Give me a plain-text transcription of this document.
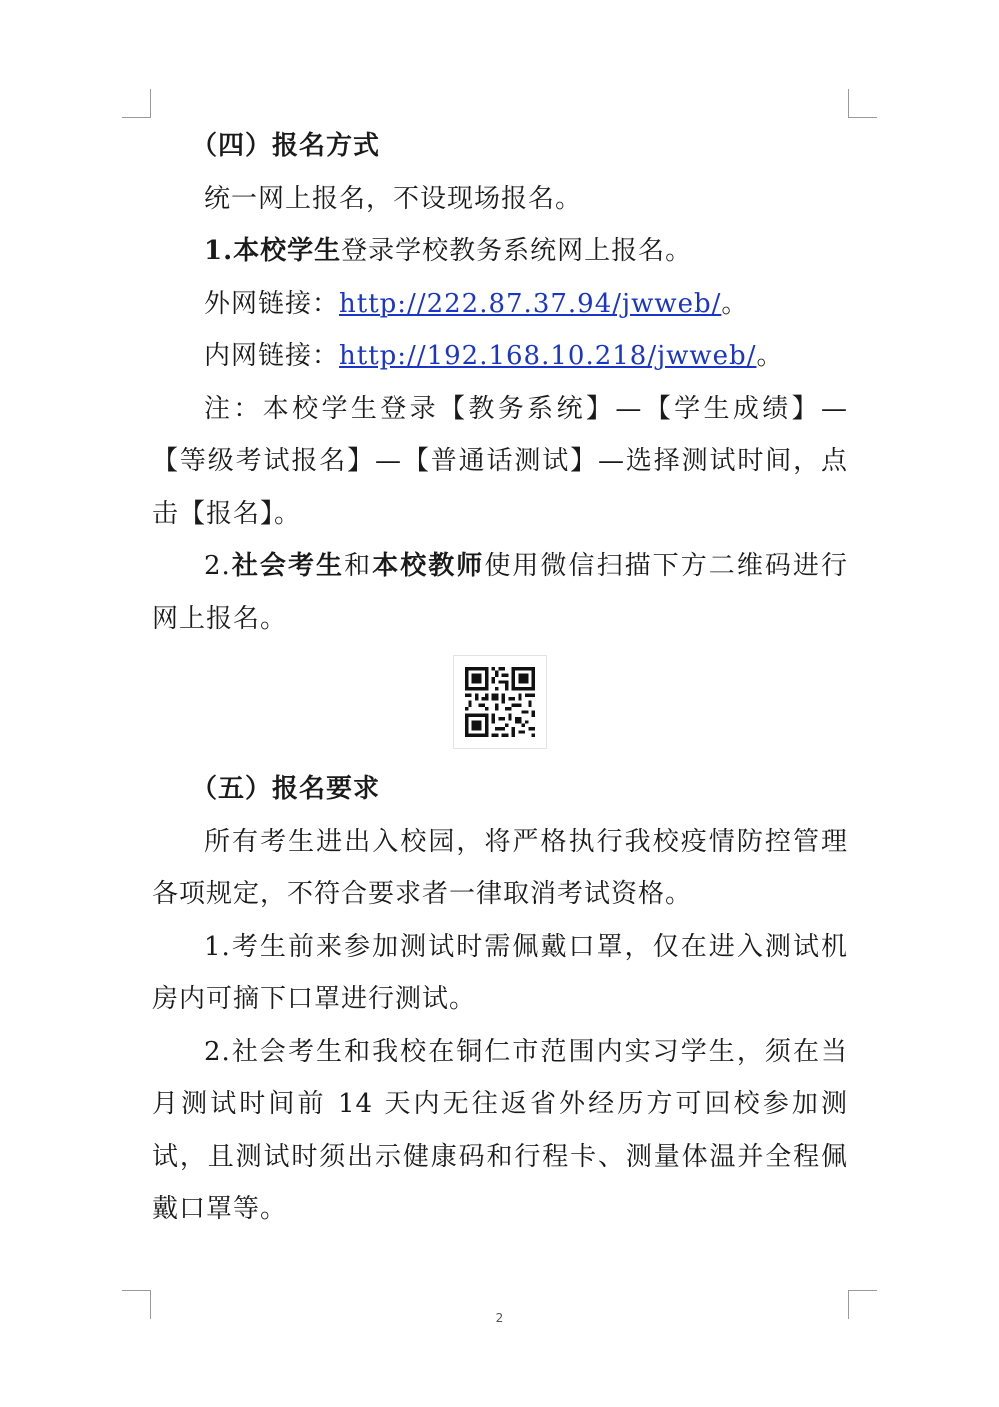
（四）报名方式

统一网上报名，不设现场报名。

1.本校学生登录学校教务系统网上报名。

外网链接：http://222.87.37.94/jwweb/。

内网链接：http://192.168.10.218/jwweb/。

注：本校学生登录【教务系统】—【学生成绩】—【等级考试报名】—【普通话测试】—选择测试时间，点击【报名】。

2.社会考生和本校教师使用微信扫描下方二维码进行网上报名。

（五）报名要求

所有考生进出入校园，将严格执行我校疫情防控管理各项规定，不符合要求者一律取消考试资格。

1.考生前来参加测试时需佩戴口罩，仅在进入测试机房内可摘下口罩进行测试。

2.社会考生和我校在铜仁市范围内实习学生，须在当月测试时间前 14 天内无往返省外经历方可回校参加测试，且测试时须出示健康码和行程卡、测量体温并全程佩戴口罩等。

2
